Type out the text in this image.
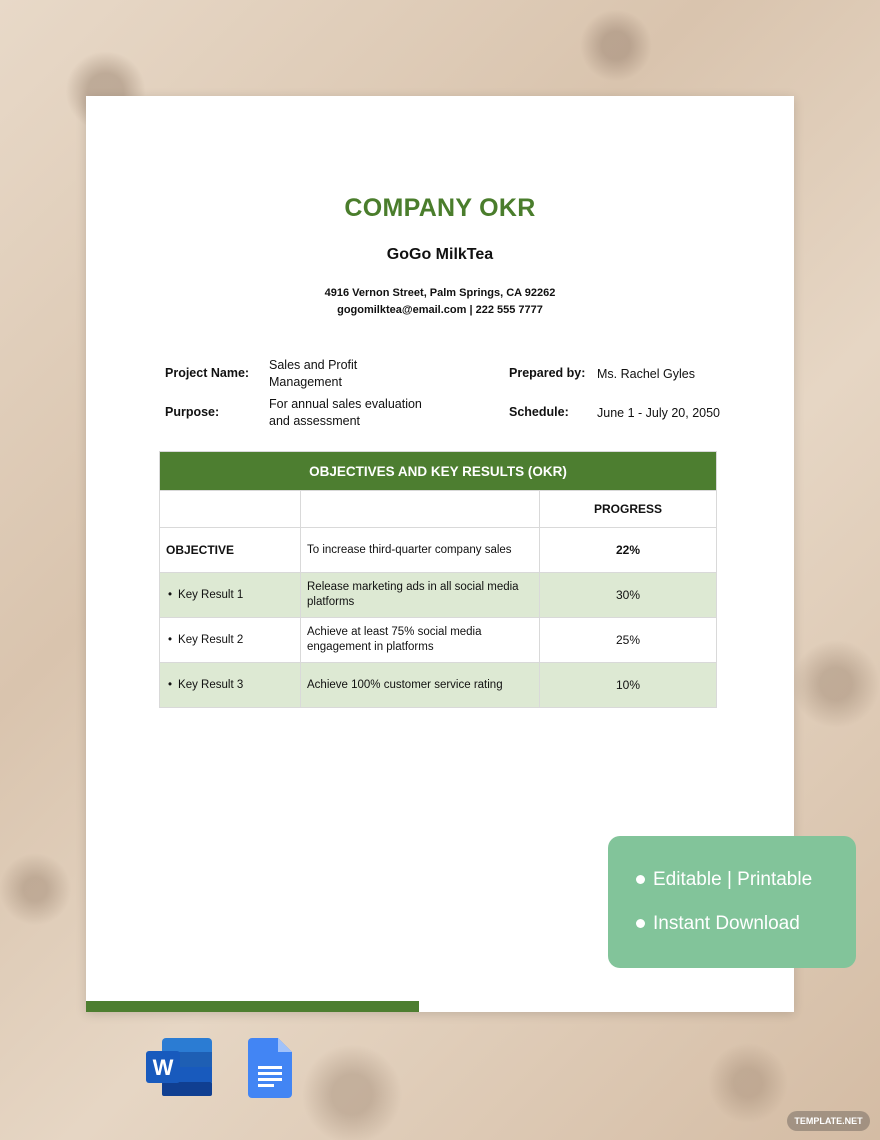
COMPANY OKR
GoGo MilkTea
4916 Vernon Street, Palm Springs, CA 92262
gogomilktea@email.com | 222 555 7777
Project Name:
Sales and Profit
Management
Prepared by: Ms. Rachel Gyles
Purpose:
For annual sales evaluation
and assessment
Schedule: June 1 - July 20, 2050
OBJECTIVES AND KEY RESULTS (OKR)		
		PROGRESS
OBJECTIVE	To increase third-quarter company sales	22%
• Key Result 1	Release marketing ads in all social media platforms	30%
• Key Result 2	Achieve at least 75% social media engagement in platforms	25%
• Key Result 3	Achieve 100% customer service rating	10%
Editable | Printable
Instant Download
W
TEMPLATE.NET
